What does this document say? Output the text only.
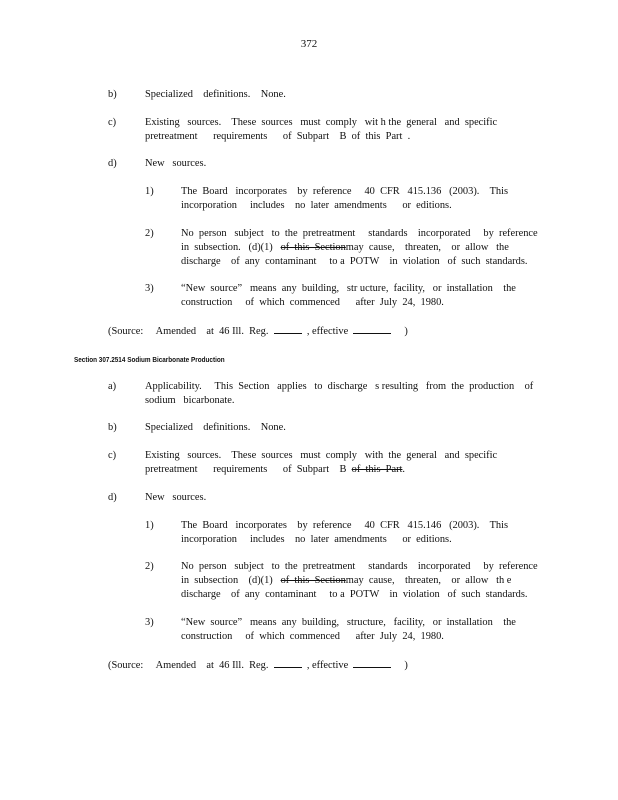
372
b)	Specialized    definitions.    None.
c)	Existing   sources.    These  sources   must  comply   wit h the  general   and  specific
pretreatment      requirements      of  Subpart    B  of  this  Part  .
d)	New   sources.
1)	The  Board   incorporates    by  reference     40  CFR   415.136   (2003).    This
incorporation     includes    no  later  amendments      or  editions.
2)	No  person   subject   to  the  pretreatment     standards    incorporated     by  reference
in  subsection.   (d)(1) of  this  Sectionmay  cause,    threaten,    or  allow   the
discharge    of  any  contaminant     to a  POTW    in  violation   of  such  standards.
3)	“New  source”   means  any  building,   str ucture,  facility,   or  installation    the
construction     of  which  commenced      after  July  24,  1980.
(Source:     Amended    at  46 Ill.  Reg.	, effective	)
Section 307.2514 Sodium Bicarbonate Production
a)	Applicability.     This  Section   applies   to  discharge   s resulting   from  the  production    of
sodium   bicarbonate.
b)	Specialized    definitions.    None.
c)	Existing   sources.    These  sources   must  comply   with  the  general   and  specific
pretreatment      requirements      of  Subpart    B of  this  Part.
d)	New   sources.
1)	The  Board   incorporates    by  reference     40  CFR   415.146   (2003).    This
incorporation     includes    no  later  amendments      or  editions.
2)	No  person   subject   to  the  pretreatment     standards    incorporated     by  reference
in  subsection    (d)(1) of  this  Sectionmay  cause,    threaten,    or  allow   th e
discharge    of  any  contaminant     to a  POTW    in  violation   of  such  standards.
3)	“New  source”   means  any  building,   structure,   facility,   or  installation    the
construction     of  which  commenced      after  July  24,  1980.
(Source:     Amended    at  46 Ill.  Reg.	, effective	)
